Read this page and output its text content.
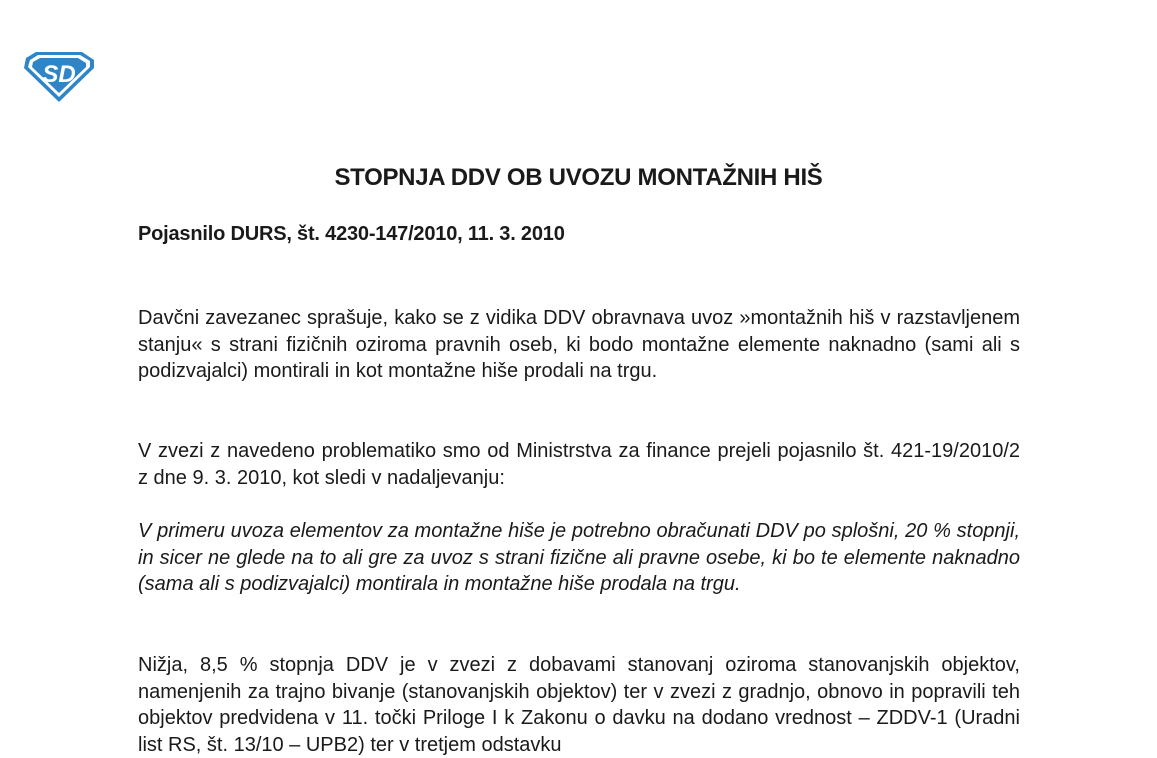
SD
STOPNJA DDV OB UVOZU MONTAŽNIH HIŠ
Pojasnilo DURS, št. 4230-147/2010, 11. 3. 2010

Davčni zavezanec sprašuje, kako se z vidika DDV obravnava uvoz »montažnih hiš v razstavljenem stanju« s strani fizičnih oziroma pravnih oseb, ki bodo montažne elemente naknadno (sami ali s podizvajalci) montirali in kot montažne hiše prodali na trgu.

V zvezi z navedeno problematiko smo od Ministrstva za finance prejeli pojasnilo št. 421-19/2010/2 z dne 9. 3. 2010, kot sledi v nadaljevanju:

V primeru uvoza elementov za montažne hiše je potrebno obračunati DDV po splošni, 20 % stopnji, in sicer ne glede na to ali gre za uvoz s strani fizične ali pravne osebe, ki bo te elemente naknadno (sama ali s podizvajalci) montirala in montažne hiše prodala na trgu.

Nižja, 8,5 % stopnja DDV je v zvezi z dobavami stanovanj oziroma stanovanjskih objektov, namenjenih za trajno bivanje (stanovanjskih objektov) ter v zvezi z gradnjo, obnovo in popravili teh objektov predvidena v 11. točki Priloge I k Zakonu o davku na dodano vrednost – ZDDV-1 (Uradni list RS, št. 13/10 – UPB2) ter v tretjem odstavku
